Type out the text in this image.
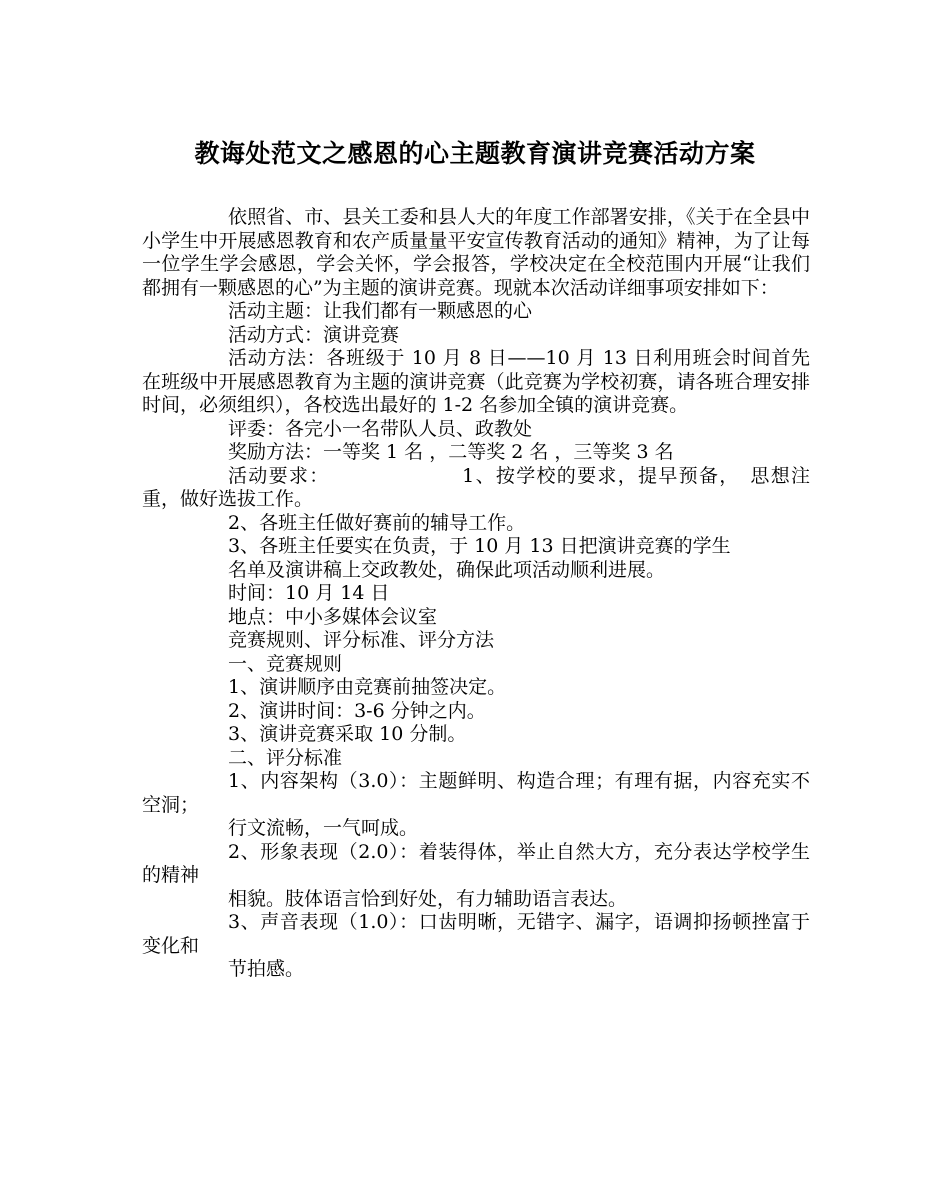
教诲处范文之感恩的心主题教育演讲竞赛活动方案

依照省、市、县关工委和县人大的年度工作部署安排，《关于在全县中小学生中开展感恩教育和农产质量量平安宣传教育活动的通知》精神，为了让每一位学生学会感恩，学会关怀，学会报答，学校决定在全校范围内开展“让我们都拥有一颗感恩的心”为主题的演讲竞赛。现就本次活动详细事项安排如下：

活动主题：让我们都有一颗感恩的心

活动方式：演讲竞赛

活动方法：各班级于 10 月 8 日——10 月 13 日利用班会时间首先在班级中开展感恩教育为主题的演讲竞赛（此竞赛为学校初赛，请各班合理安排时间，必须组织），各校选出最好的 1-2 名参加全镇的演讲竞赛。

评委：各完小一名带队人员、政教处

奖励方法：一等奖 1 名 ，二等奖 2 名 ，三等奖 3 名

活动要求：　　　　　　　1、按学校的要求，提早预备，　思想注重，做好选拔工作。

2、各班主任做好赛前的辅导工作。

3、各班主任要实在负责，于 10 月 13 日把演讲竞赛的学生

名单及演讲稿上交政教处，确保此项活动顺利进展。

时间：10 月 14 日

地点：中小多媒体会议室

竞赛规则、评分标准、评分方法

一、竞赛规则

1、演讲顺序由竞赛前抽签决定。

2、演讲时间：3-6 分钟之内。

3、演讲竞赛采取 10 分制。

二、评分标准

1、内容架构（3.0）：主题鲜明、构造合理；有理有据，内容充实不空洞；

行文流畅，一气呵成。

2、形象表现（2.0）：着装得体，举止自然大方，充分表达学校学生的精神

相貌。肢体语言恰到好处，有力辅助语言表达。

3、声音表现（1.0）：口齿明晰，无错字、漏字，语调抑扬顿挫富于变化和

节拍感。
